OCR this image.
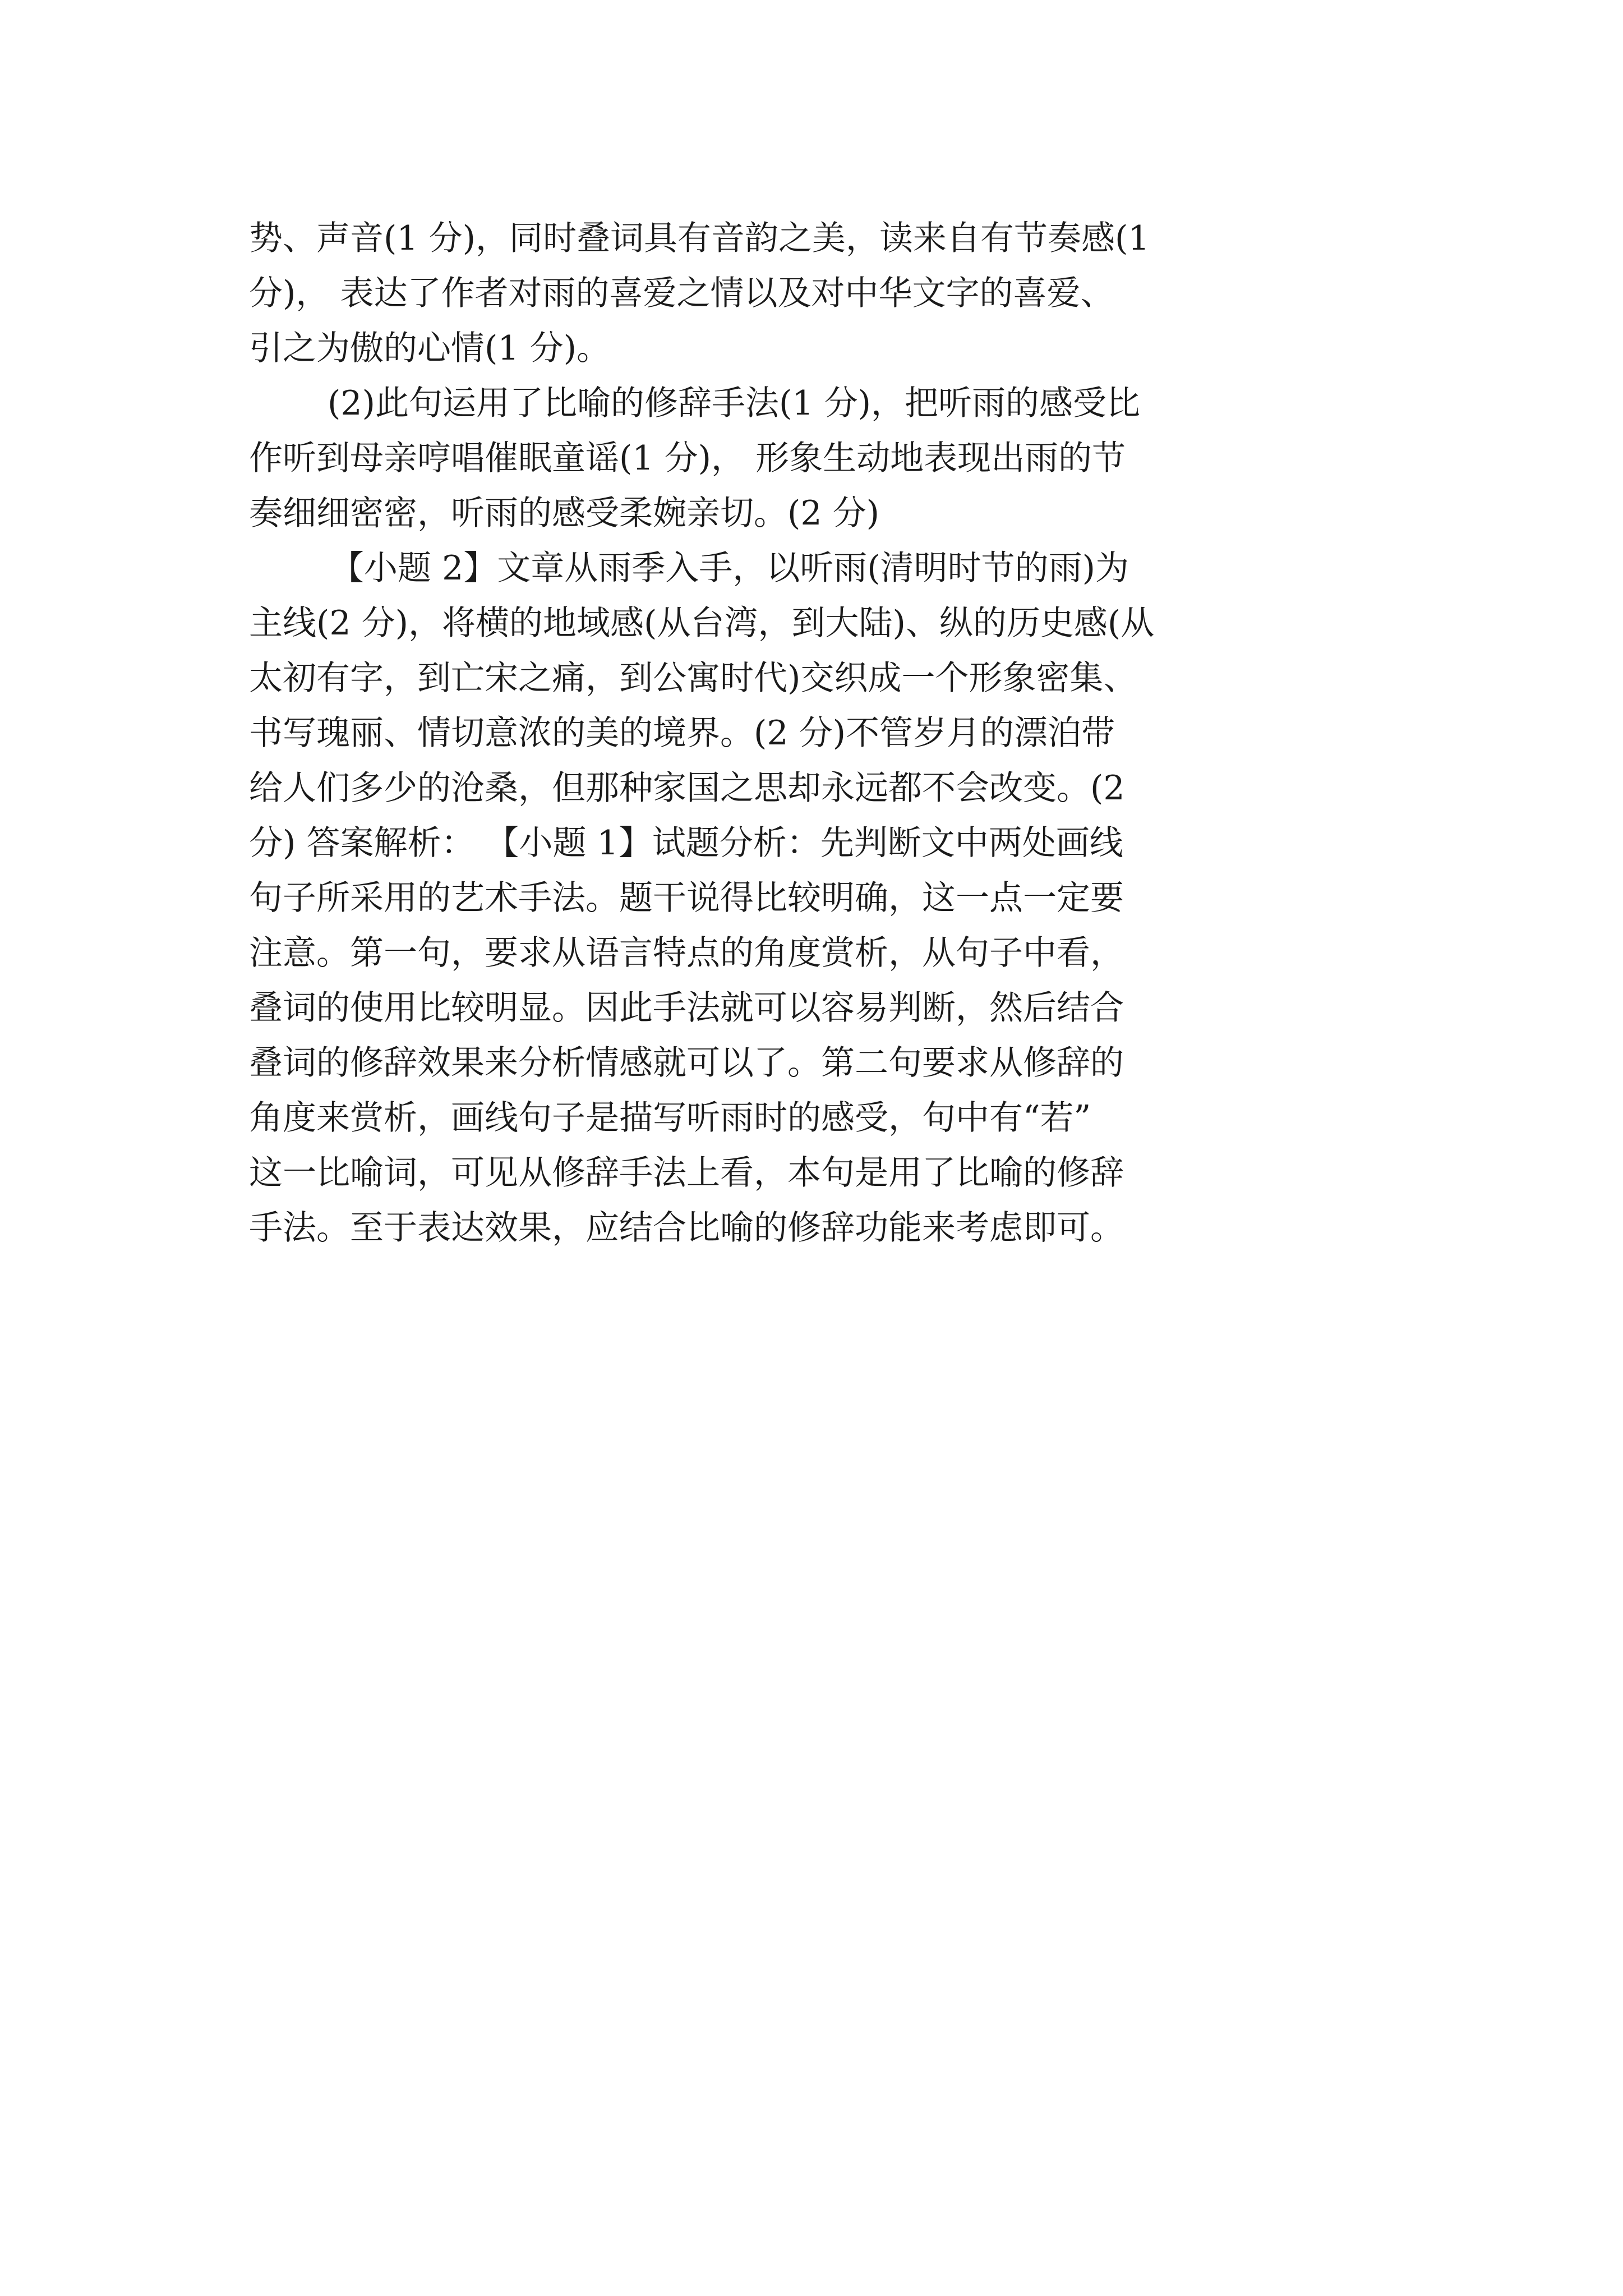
势、声音(1 分)，同时叠词具有音韵之美，读来自有节奏感(1

分)， 表达了作者对雨的喜爱之情以及对中华文字的喜爱、

引之为傲的心情(1 分)。

(2)此句运用了比喻的修辞手法(1 分)，把听雨的感受比

作听到母亲哼唱催眠童谣(1 分)， 形象生动地表现出雨的节

奏细细密密，听雨的感受柔婉亲切。(2 分)

【小题 2】文章从雨季入手，以听雨(清明时节的雨)为

主线(2 分)，将横的地域感(从台湾，到大陆)、纵的历史感(从

太初有字，到亡宋之痛，到公寓时代)交织成一个形象密集、

书写瑰丽、情切意浓的美的境界。(2 分)不管岁月的漂泊带

给人们多少的沧桑，但那种家国之思却永远都不会改变。(2

分) 答案解析： 【小题 1】试题分析：先判断文中两处画线

句子所采用的艺术手法。题干说得比较明确，这一点一定要

注意。第一句，要求从语言特点的角度赏析，从句子中看，

叠词的使用比较明显。因此手法就可以容易判断，然后结合

叠词的修辞效果来分析情感就可以了。第二句要求从修辞的

角度来赏析，画线句子是描写听雨时的感受，句中有“若”

这一比喻词，可见从修辞手法上看，本句是用了比喻的修辞

手法。至于表达效果，应结合比喻的修辞功能来考虑即可。
